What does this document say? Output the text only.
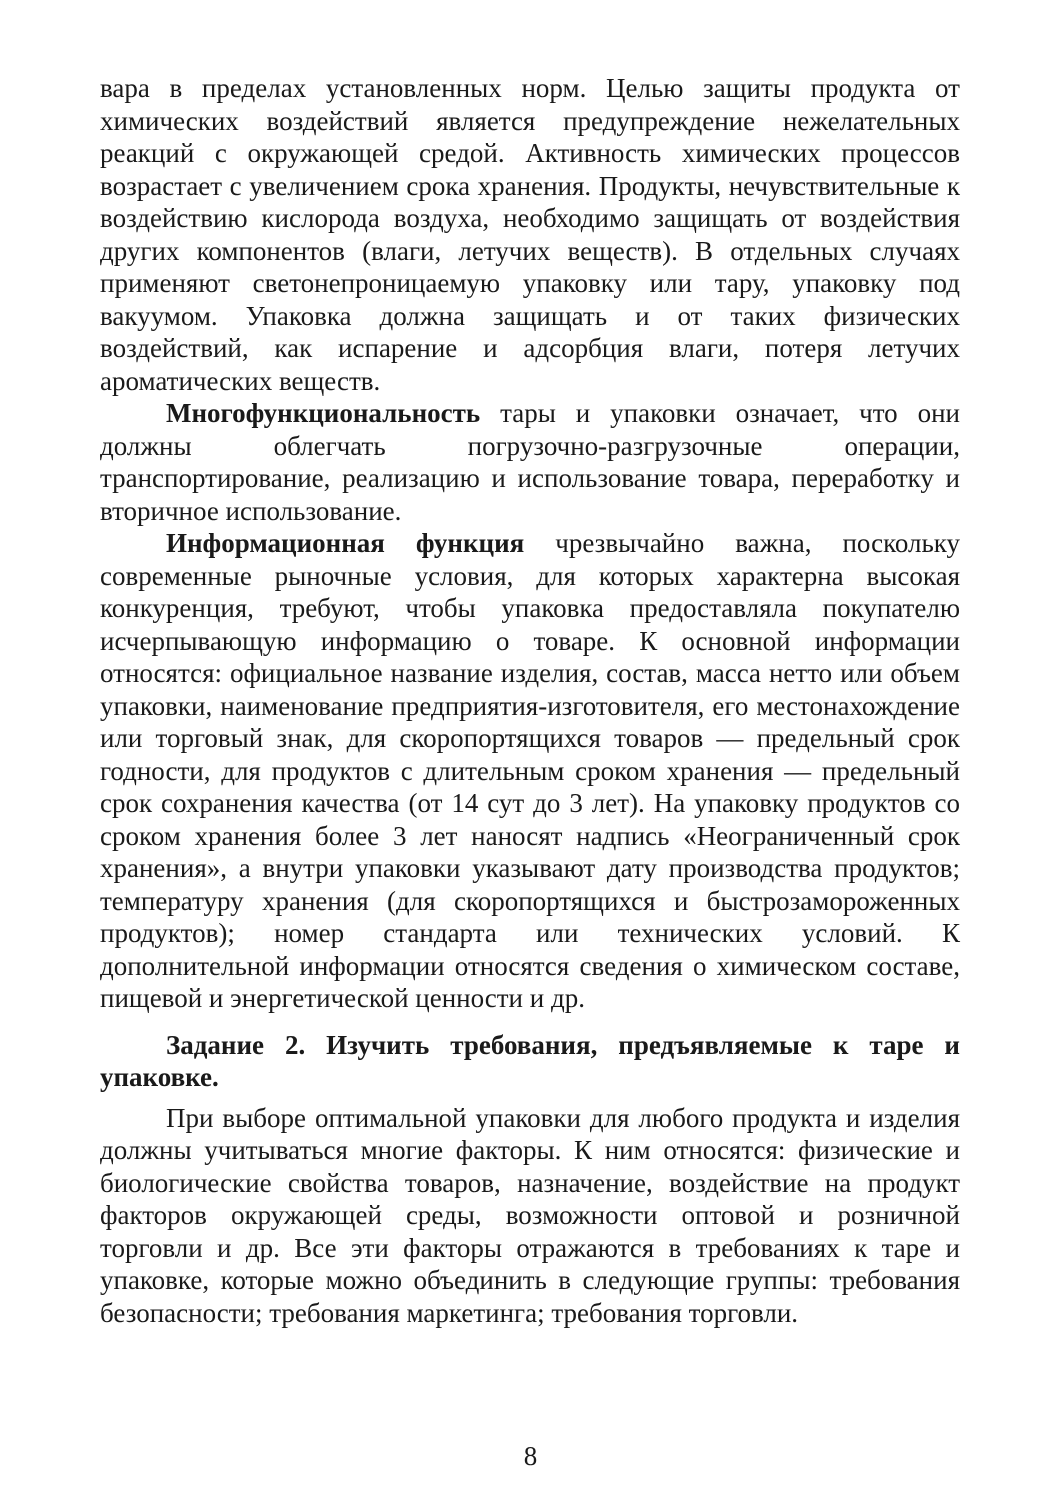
вара в пределах установленных норм. Целью защиты продукта от химических воздействий является предупреждение нежелательных реакций с окружающей средой. Активность химических процессов возрастает с увеличением срока хранения. Продукты, нечувствительные к воздействию кислорода воздуха, необходимо защищать от воздействия других компонентов (влаги, летучих веществ). В отдельных случаях применяют светонепроницаемую упаковку или тару, упаковку под вакуумом. Упаковка должна защищать и от таких физических воздействий, как испарение и адсорбция влаги, потеря летучих ароматических веществ.

Многофункциональность тары и упаковки означает, что они должны облегчать погрузочно-разгрузочные операции, транспортирование, реализацию и использование товара, переработку и вторичное использование.

Информационная функция чрезвычайно важна, поскольку современные рыночные условия, для которых характерна высокая конкуренция, требуют, чтобы упаковка предоставляла покупателю исчерпывающую информацию о товаре. К основной информации относятся: официальное название изделия, состав, масса нетто или объем упаковки, наименование предприятия-изготовителя, его местонахождение или торговый знак, для скоропортящихся товаров — предельный срок годности, для продуктов с длительным сроком хранения — предельный срок сохранения качества (от 14 сут до 3 лет). На упаковку продуктов со сроком хранения более 3 лет наносят надпись «Неограниченный срок хранения», а внутри упаковки указывают дату производства продуктов; температуру хранения (для скоропортящихся и быстрозамороженных продуктов); номер стандарта или технических условий. К дополнительной информации относятся сведения о химическом составе, пищевой и энергетической ценности и др.

Задание 2. Изучить требования, предъявляемые к таре и упаковке.

При выборе оптимальной упаковки для любого продукта и изделия должны учитываться многие факторы. К ним относятся: физические и биологические свойства товаров, назначение, воздействие на продукт факторов окружающей среды, возможности оптовой и розничной торговли и др. Все эти факторы отражаются в требованиях к таре и упаковке, которые можно объединить в следующие группы: требования безопасности; требования маркетинга; требования торговли.

8
